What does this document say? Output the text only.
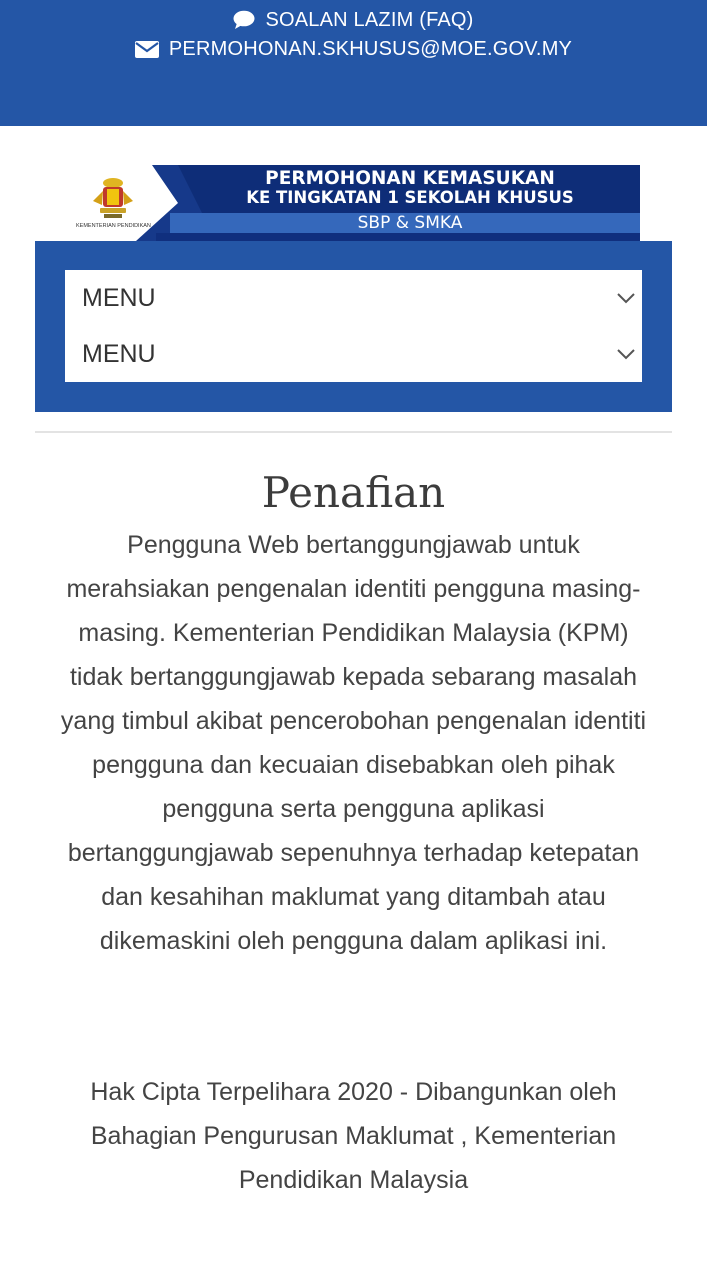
SOALAN LAZIM (FAQ)
PERMOHONAN.SKHUSUS@MOE.GOV.MY
KEMENTERIAN PENDIDIKAN
PERMOHONAN KEMASUKAN
KE TINGKATAN 1 SEKOLAH KHUSUS
SBP & SMKA
MENU
MENU
Penafian
Pengguna Web bertanggungjawab untuk merahsiakan pengenalan identiti pengguna masing-masing. Kementerian Pendidikan Malaysia (KPM) tidak bertanggungjawab kepada sebarang masalah yang timbul akibat pencerobohan pengenalan identiti pengguna dan kecuaian disebabkan oleh pihak pengguna serta pengguna aplikasi bertanggungjawab sepenuhnya terhadap ketepatan dan kesahihan maklumat yang ditambah atau dikemaskini oleh pengguna dalam aplikasi ini.
Hak Cipta Terpelihara 2020 - Dibangunkan oleh Bahagian Pengurusan Maklumat , Kementerian Pendidikan Malaysia
